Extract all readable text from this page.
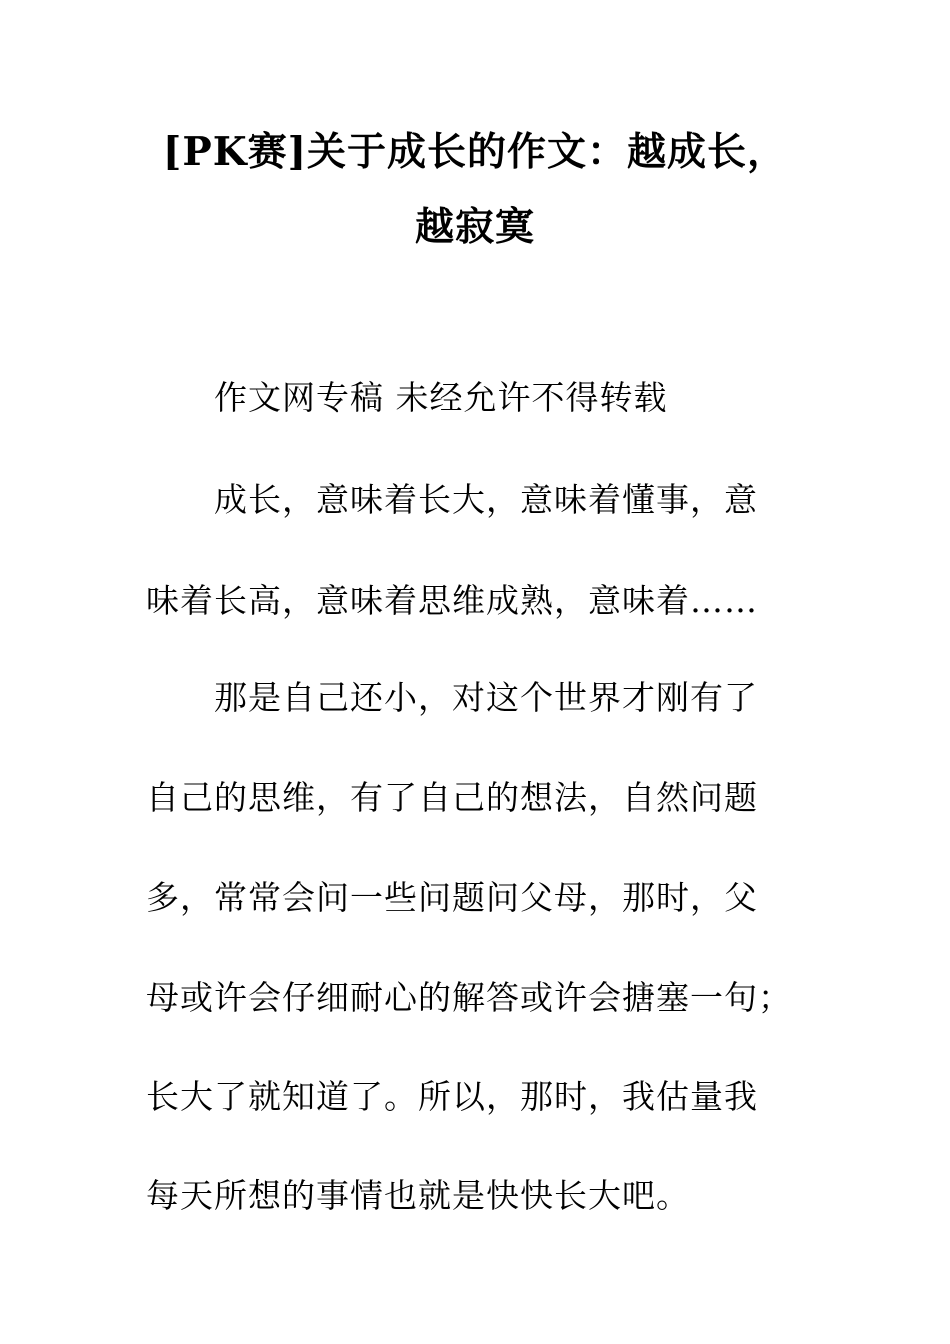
[PK赛]关于成长的作文：越成长，
越寂寞
作文网专稿 未经允许不得转载
成长，意味着长大，意味着懂事，意
味着长高，意味着思维成熟，意味着……
那是自己还小，对这个世界才刚有了
自己的思维，有了自己的想法，自然问题
多，常常会问一些问题问父母，那时，父
母或许会仔细耐心的解答或许会搪塞一句；
长大了就知道了。所以，那时，我估量我
每天所想的事情也就是快快长大吧。
